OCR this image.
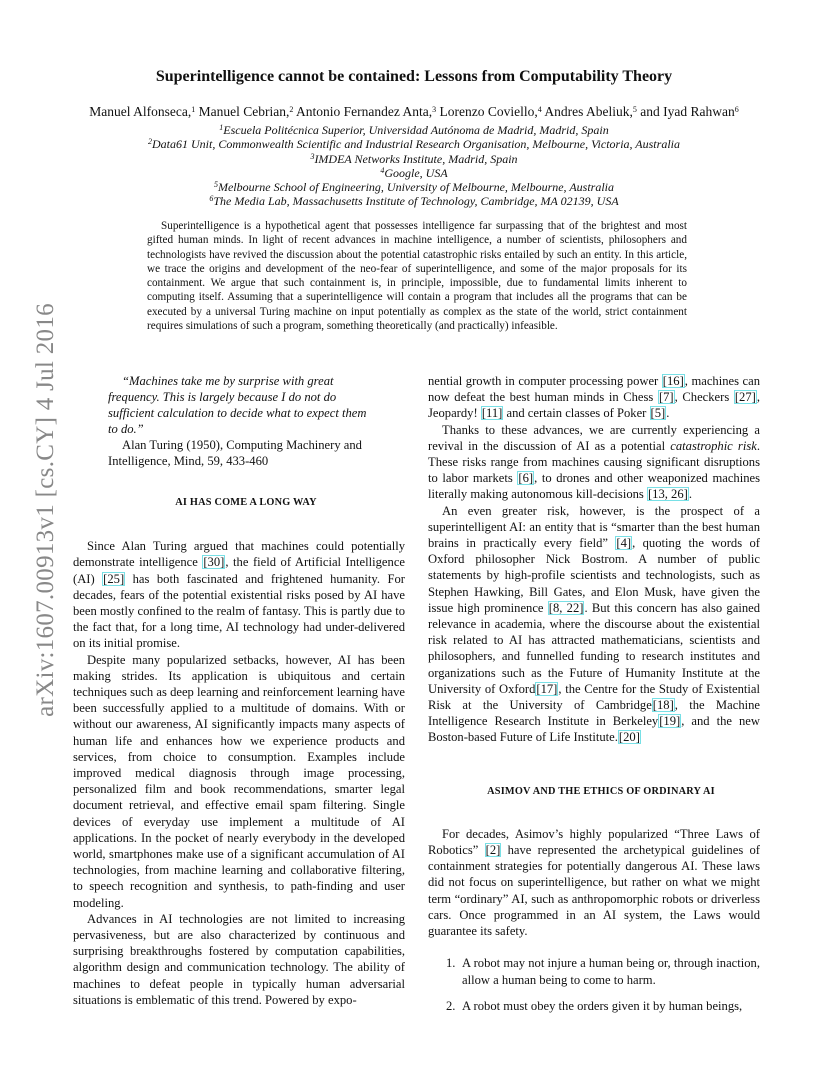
arXiv:1607.00913v1 [cs.CY] 4 Jul 2016
Superintelligence cannot be contained: Lessons from Computability Theory
Manuel Alfonseca,$^1$ Manuel Cebrian,$^2$ Antonio Fernandez Anta,$^3$ Lorenzo Coviello,$^4$ Andres Abeliuk,$^5$ and Iyad Rahwan$^6$
$^1$Escuela Politécnica Superior, Universidad Autónoma de Madrid, Madrid, Spain
$^2$Data61 Unit, Commonwealth Scientific and Industrial Research Organisation, Melbourne, Victoria, Australia
$^3$IMDEA Networks Institute, Madrid, Spain
$^4$Google, USA
$^5$Melbourne School of Engineering, University of Melbourne, Melbourne, Australia
$^6$The Media Lab, Massachusetts Institute of Technology, Cambridge, MA 02139, USA

Superintelligence is a hypothetical agent that possesses intelligence far surpassing that of the brightest and most gifted human minds. In light of recent advances in machine intelligence, a number of scientists, philosophers and technologists have revived the discussion about the potential catastrophic risks entailed by such an entity. In this article, we trace the origins and development of the neo-fear of superintelligence, and some of the major proposals for its containment. We argue that such containment is, in principle, impossible, due to fundamental limits inherent to computing itself. Assuming that a superintelligence will contain a program that includes all the programs that can be executed by a universal Turing machine on input potentially as complex as the state of the world, strict containment requires simulations of such a program, something theoretically (and practically) infeasible.

“Machines take me by surprise with great frequency. This is largely because I do not do sufficient calculation to decide what to expect them to do.”

Alan Turing (1950), Computing Machinery and Intelligence, Mind, 59, 433-460

AI HAS COME A LONG WAY

Since Alan Turing argued that machines could potentially demonstrate intelligence [30], the field of Artificial Intelligence (AI) [25] has both fascinated and frightened humanity. For decades, fears of the potential existential risks posed by AI have been mostly confined to the realm of fantasy. This is partly due to the fact that, for a long time, AI technology had under-delivered on its initial promise.

Despite many popularized setbacks, however, AI has been making strides. Its application is ubiquitous and certain techniques such as deep learning and reinforcement learning have been successfully applied to a multitude of domains. With or without our awareness, AI significantly impacts many aspects of human life and enhances how we experience products and services, from choice to consumption. Examples include improved medical diagnosis through image processing, personalized film and book recommendations, smarter legal document retrieval, and effective email spam filtering. Single devices of everyday use implement a multitude of AI applications. In the pocket of nearly everybody in the developed world, smartphones make use of a significant accumulation of AI technologies, from machine learning and collaborative filtering, to speech recognition and synthesis, to path-finding and user modeling.

Advances in AI technologies are not limited to increasing pervasiveness, but are also characterized by continuous and surprising breakthroughs fostered by computation capabilities, algorithm design and communication technology. The ability of machines to defeat people in typically human adversarial situations is emblematic of this trend. Powered by expo-

nential growth in computer processing power [16], machines can now defeat the best human minds in Chess [7], Checkers [27], Jeopardy! [11] and certain classes of Poker [5].

Thanks to these advances, we are currently experiencing a revival in the discussion of AI as a potential catastrophic risk. These risks range from machines causing significant disruptions to labor markets [6], to drones and other weaponized machines literally making autonomous kill-decisions [13, 26].

An even greater risk, however, is the prospect of a superintelligent AI: an entity that is “smarter than the best human brains in practically every field” [4], quoting the words of Oxford philosopher Nick Bostrom. A number of public statements by high-profile scientists and technologists, such as Stephen Hawking, Bill Gates, and Elon Musk, have given the issue high prominence [8, 22]. But this concern has also gained relevance in academia, where the discourse about the existential risk related to AI has attracted mathematicians, scientists and philosophers, and funnelled funding to research institutes and organizations such as the Future of Humanity Institute at the University of Oxford[17], the Centre for the Study of Existential Risk at the University of Cambridge[18], the Machine Intelligence Research Institute in Berkeley[19], and the new Boston-based Future of Life Institute.[20]

ASIMOV AND THE ETHICS OF ORDINARY AI

For decades, Asimov’s highly popularized “Three Laws of Robotics” [2] have represented the archetypical guidelines of containment strategies for potentially dangerous AI. These laws did not focus on superintelligence, but rather on what we might term “ordinary” AI, such as anthropomorphic robots or driverless cars. Once programmed in an AI system, the Laws would guarantee its safety.

1. A robot may not injure a human being or, through inaction, allow a human being to come to harm.
2. A robot must obey the orders given it by human beings,
